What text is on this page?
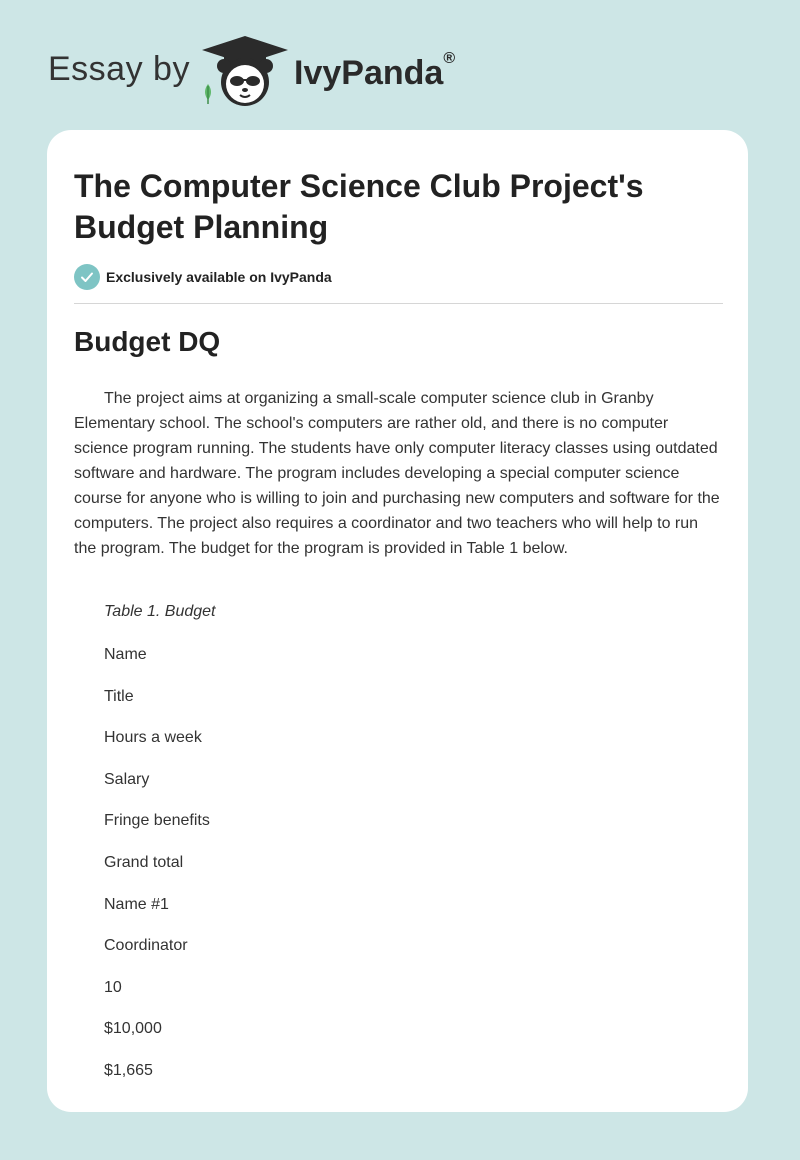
Essay by	IvyPanda®
The Computer Science Club Project's Budget Planning
Exclusively available on IvyPanda
Budget DQ

The project aims at organizing a small-scale computer science club in Granby Elementary school. The school's computers are rather old, and there is no computer science program running. The students have only computer literacy classes using outdated software and hardware. The program includes developing a special computer science course for anyone who is willing to join and purchasing new computers and software for the computers. The project also requires a coordinator and two teachers who will help to run the program. The budget for the program is provided in Table 1 below.

Table 1. Budget

Name
Title
Hours a week
Salary
Fringe benefits
Grand total
Name #1
Coordinator
10
$10,000
$1,665
